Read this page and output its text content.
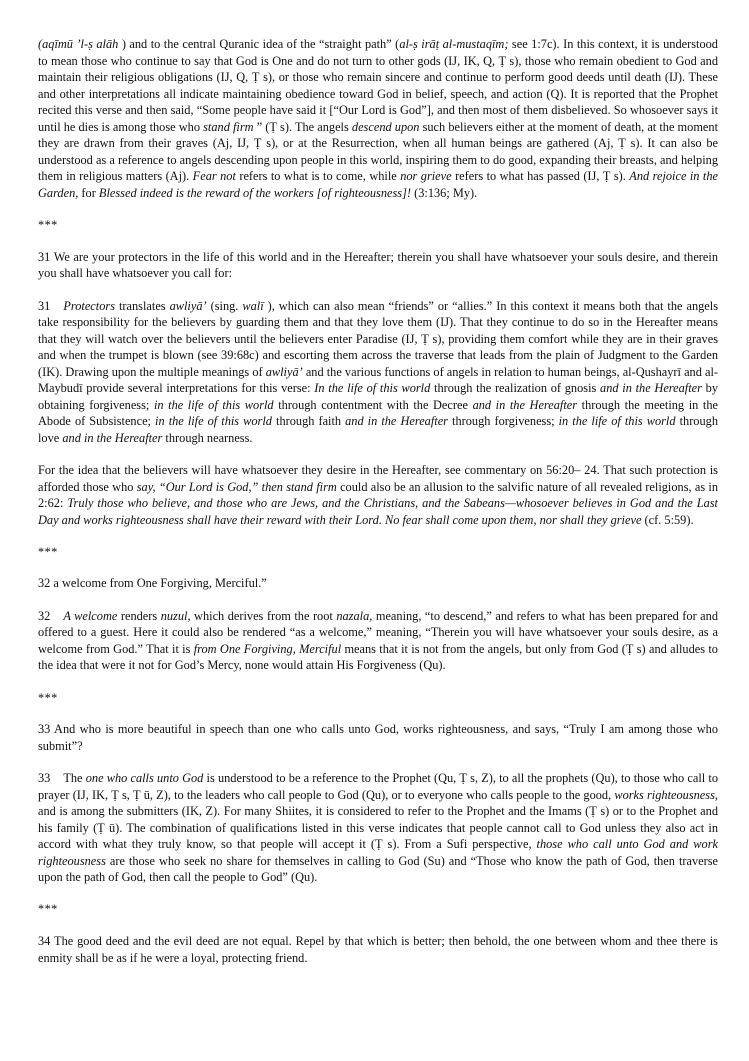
(aqīmū ’l-ṣ alāh ) and to the central Quranic idea of the “straight path” (al-ṣ irāṭ al-mustaqīm; see 1:7c). In this context, it is understood to mean those who continue to say that God is One and do not turn to other gods (IJ, IK, Q, Ṭ s), those who remain obedient to God and maintain their religious obligations (IJ, Q, Ṭ s), or those who remain sincere and continue to perform good deeds until death (IJ). These and other interpretations all indicate maintaining obedience toward God in belief, speech, and action (Q). It is reported that the Prophet recited this verse and then said, “Some people have said it [“Our Lord is God”], and then most of them disbelieved. So whosoever says it until he dies is among those who stand firm ” (Ṭ s). The angels descend upon such believers either at the moment of death, at the moment they are drawn from their graves (Aj, IJ, Ṭ s), or at the Resurrection, when all human beings are gathered (Aj, Ṭ s). It can also be understood as a reference to angels descending upon people in this world, inspiring them to do good, expanding their breasts, and helping them in religious matters (Aj). Fear not refers to what is to come, while nor grieve refers to what has passed (IJ, Ṭ s). And rejoice in the Garden, for Blessed indeed is the reward of the workers [of righteousness]! (3:136; My).

***

31 We are your protectors in the life of this world and in the Hereafter; therein you shall have whatsoever your souls desire, and therein you shall have whatsoever you call for:

31 Protectors translates awliyā’ (sing. walī ), which can also mean “friends” or “allies.” In this context it means both that the angels take responsibility for the believers by guarding them and that they love them (IJ). That they continue to do so in the Hereafter means that they will watch over the believers until the believers enter Paradise (IJ, Ṭ s), providing them comfort while they are in their graves and when the trumpet is blown (see 39:68c) and escorting them across the traverse that leads from the plain of Judgment to the Garden (IK). Drawing upon the multiple meanings of awliyā’ and the various functions of angels in relation to human beings, al-Qushayrī and al-Maybudī provide several interpretations for this verse: In the life of this world through the realization of gnosis and in the Hereafter by obtaining forgiveness; in the life of this world through contentment with the Decree and in the Hereafter through the meeting in the Abode of Subsistence; in the life of this world through faith and in the Hereafter through forgiveness; in the life of this world through love and in the Hereafter through nearness.

For the idea that the believers will have whatsoever they desire in the Hereafter, see commentary on 56:20– 24. That such protection is afforded those who say, “Our Lord is God,” then stand firm could also be an allusion to the salvific nature of all revealed religions, as in 2:62: Truly those who believe, and those who are Jews, and the Christians, and the Sabeans—whosoever believes in God and the Last Day and works righteousness shall have their reward with their Lord. No fear shall come upon them, nor shall they grieve (cf. 5:59).

***

32 a welcome from One Forgiving, Merciful.”

32 A welcome renders nuzul, which derives from the root nazala, meaning, “to descend,” and refers to what has been prepared for and offered to a guest. Here it could also be rendered “as a welcome,” meaning, “Therein you will have whatsoever your souls desire, as a welcome from God.” That it is from One Forgiving, Merciful means that it is not from the angels, but only from God (Ṭ s) and alludes to the idea that were it not for God’s Mercy, none would attain His Forgiveness (Qu).

***

33 And who is more beautiful in speech than one who calls unto God, works righteousness, and says, “Truly I am among those who submit”?

33 The one who calls unto God is understood to be a reference to the Prophet (Qu, Ṭ s, Z), to all the prophets (Qu), to those who call to prayer (IJ, IK, Ṭ s, Ṭ ū, Z), to the leaders who call people to God (Qu), or to everyone who calls people to the good, works righteousness, and is among the submitters (IK, Z). For many Shiites, it is considered to refer to the Prophet and the Imams (Ṭ s) or to the Prophet and his family (Ṭ ū). The combination of qualifications listed in this verse indicates that people cannot call to God unless they also act in accord with what they truly know, so that people will accept it (Ṭ s). From a Sufi perspective, those who call unto God and work righteousness are those who seek no share for themselves in calling to God (Su) and “Those who know the path of God, then traverse upon the path of God, then call the people to God” (Qu).

***

34 The good deed and the evil deed are not equal. Repel by that which is better; then behold, the one between whom and thee there is enmity shall be as if he were a loyal, protecting friend.
